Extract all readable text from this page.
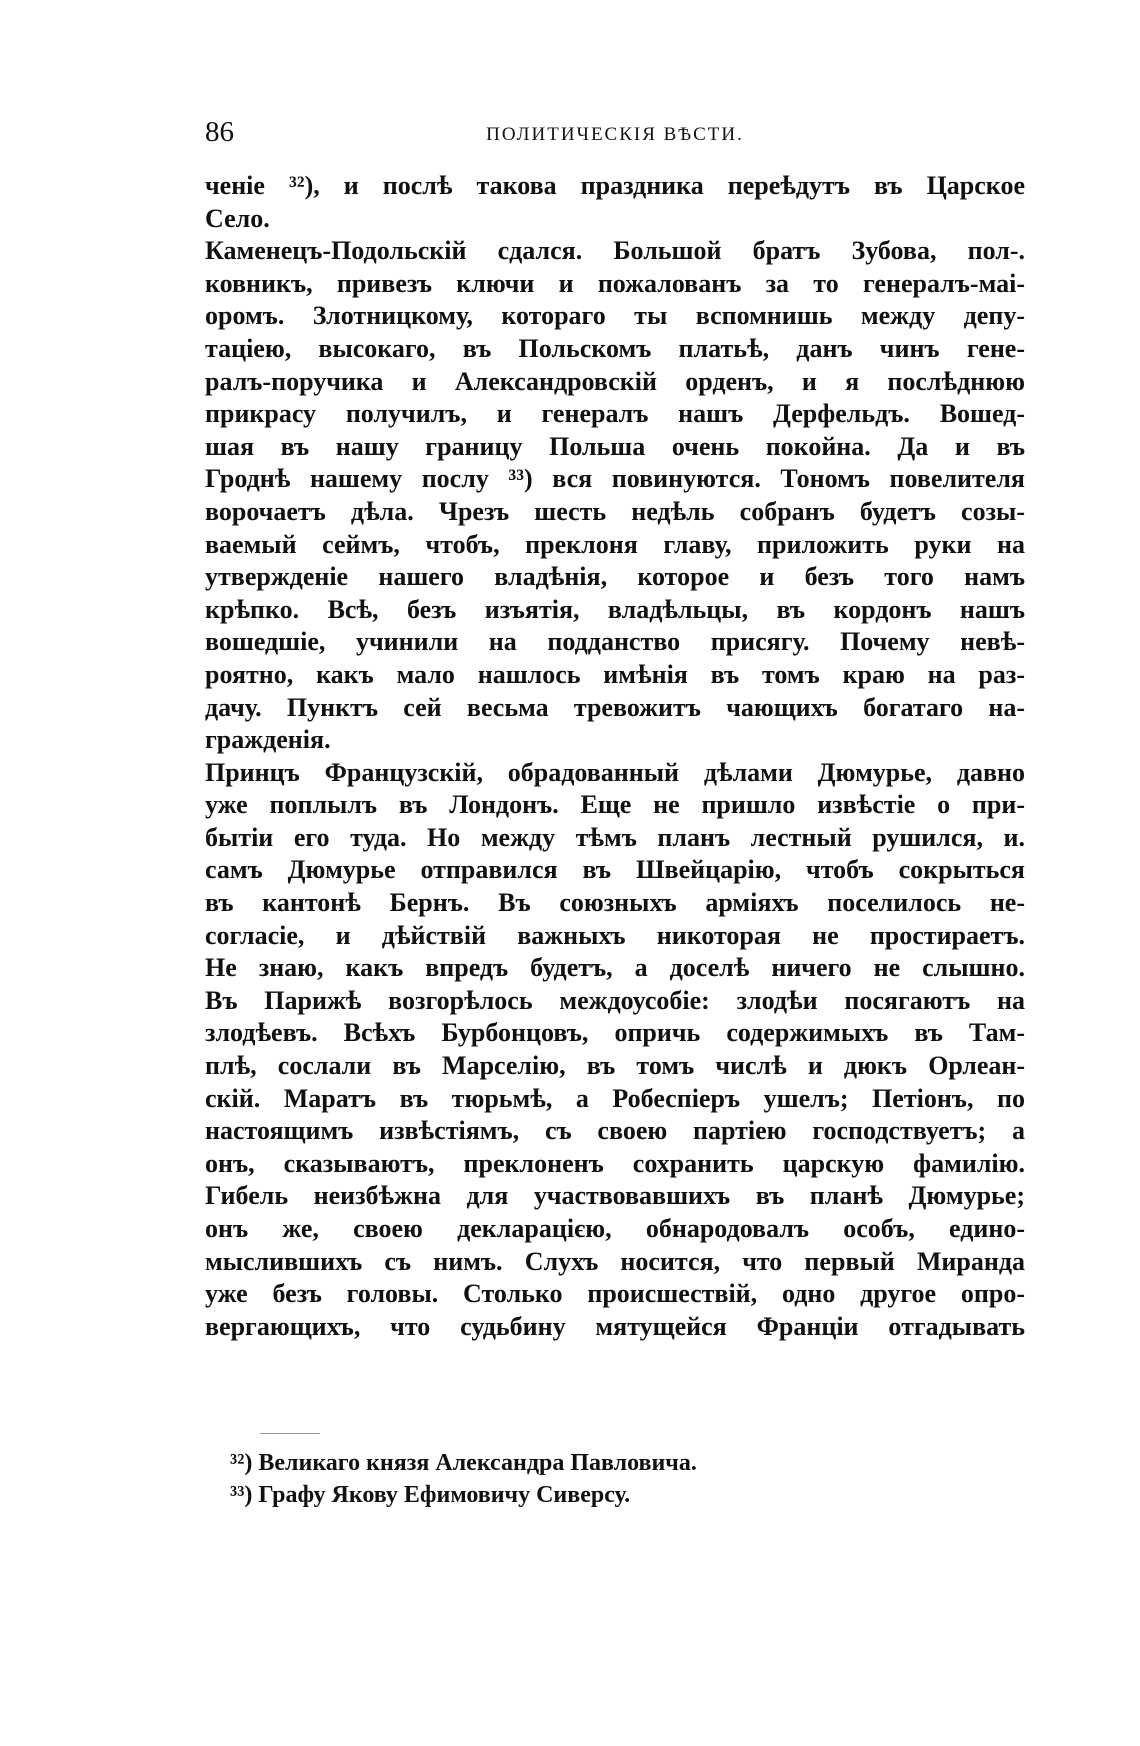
86	ПОЛИТИЧЕСКІЯ ВѢСТИ.
ченіе ³²), и послѣ такова праздника переѣдутъ въ Царское
Село.
Каменецъ-Подольскій сдался. Большой братъ Зубова, пол-.
ковникъ, привезъ ключи и пожалованъ за то генералъ-маі-
оромъ. Злотницкому, котораго ты вспомнишь между депу-
таціею, высокаго, въ Польскомъ платьѣ, данъ чинъ гене-
ралъ-поручика и Александровскій орденъ, и я послѣднюю
прикрасу получилъ, и генералъ нашъ Дерфельдъ. Вошед-
шая въ нашу границу Польша очень покойна. Да и въ
Гроднѣ нашему послу ³³) вся повинуются. Тономъ повелителя
ворочаетъ дѣла. Чрезъ шесть недѣль собранъ будетъ созы-
ваемый сеймъ, чтобъ, преклоня главу, приложить руки на
утвержденіе нашего владѣнія, которое и безъ того намъ
крѣпко. Всѣ, безъ изъятія, владѣльцы, въ кордонъ нашъ
вошедшіе, учинили на подданство присягу. Почему невѣ-
роятно, какъ мало нашлось имѣнія въ томъ краю на раз-
дачу. Пунктъ сей весьма тревожитъ чающихъ богатаго на-
гражденія.
Принцъ Французскій, обрадованный дѣлами Дюмурье, давно
уже поплылъ въ Лондонъ. Еще не пришло извѣстіе о при-
бытіи его туда. Но между тѣмъ планъ лестный рушился, и.
самъ Дюмурье отправился въ Швейцарію, чтобъ сокрыться
въ кантонѣ Бернъ. Въ союзныхъ арміяхъ поселилось не-
согласіе, и дѣйствій важныхъ никоторая не простираетъ.
Не знаю, какъ впредъ будетъ, а доселѣ ничего не слышно.
Въ Парижѣ возгорѣлось междоусобіе: злодѣи посягаютъ на
злодѣевъ. Всѣхъ Бурбонцовъ, опричь содержимыхъ въ Там-
плѣ, сослали въ Марселію, въ томъ числѣ и дюкъ Орлеан-
скій. Маратъ въ тюрьмѣ, а Робеспіеръ ушелъ; Петіонъ, по
настоящимъ извѣстіямъ, съ своею партіею господствуетъ; а
онъ, сказываютъ, преклоненъ сохранить царскую фамилію.
Гибель неизбѣжна для участвовавшихъ въ планѣ Дюмурье;
онъ же, своею декларацією, обнародовалъ особъ, едино-
мыслившихъ съ нимъ. Слухъ носится, что первый Миранда
уже безъ головы. Столько происшествій, одно другое опро-
вергающихъ, что судьбину мятущейся Франціи отгадывать
³²) Великаго князя Александра Павловича.
³³) Графу Якову Ефимовичу Сиверсу.
